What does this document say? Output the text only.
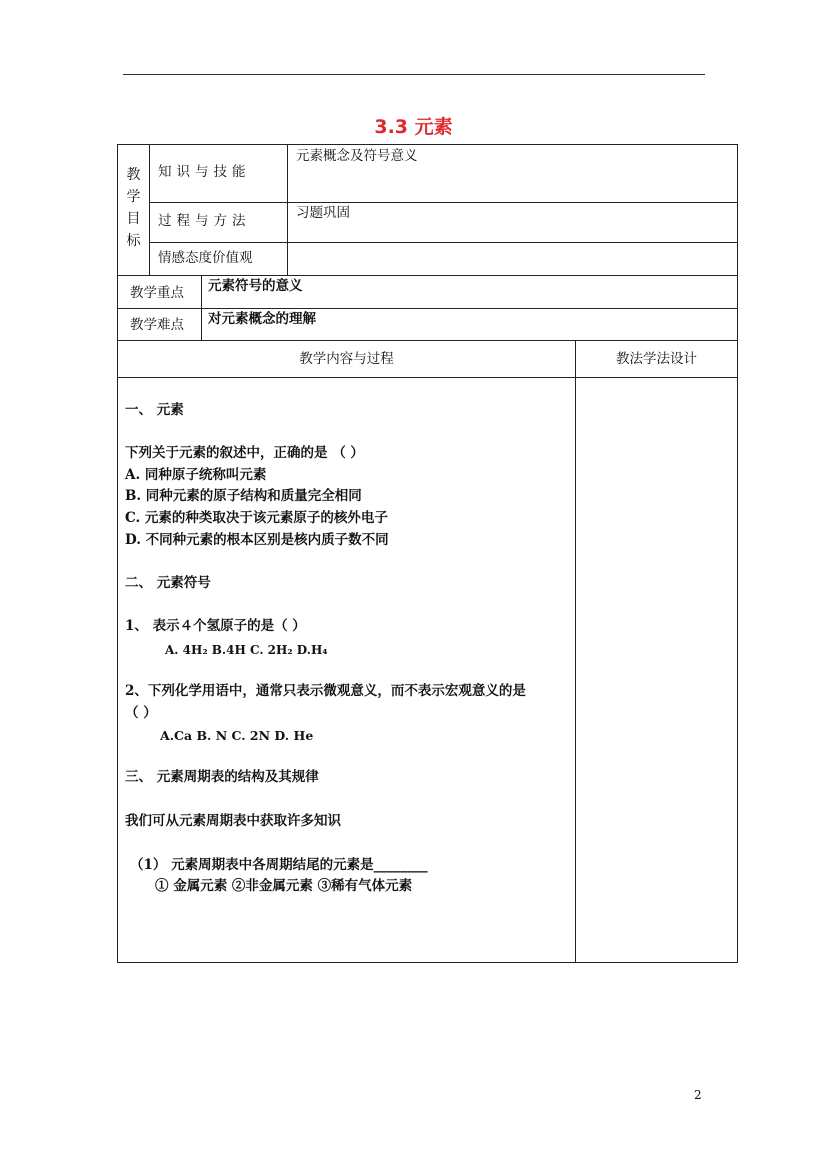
3.3 元素
教
学
目
标
知识与技能
元素概念及符号意义
过程与方法	习题巩固
情感态度价值观
教学重点 元素符号的意义
教学难点 对元素概念的理解
教学内容与过程	教法学法设计
一、 元素
下列关于元素的叙述中，正确的是 （ ）
A. 同种原子统称叫元素
B. 同种元素的原子结构和质量完全相同
C. 元素的种类取决于该元素原子的核外电子
D. 不同种元素的根本区别是核内质子数不同
二、 元素符号
1、 表示４个氢原子的是（ ）
A. 4H₂ B.4H C. 2H₂ D.H₄
2、下列化学用语中，通常只表示微观意义，而不表示宏观意义的是
（ ）
A.Ca B. N C. 2N D. He
三、 元素周期表的结构及其规律
我们可从元素周期表中获取许多知识
（1） 元素周期表中各周期结尾的元素是________
① 金属元素 ②非金属元素 ③稀有气体元素
2
